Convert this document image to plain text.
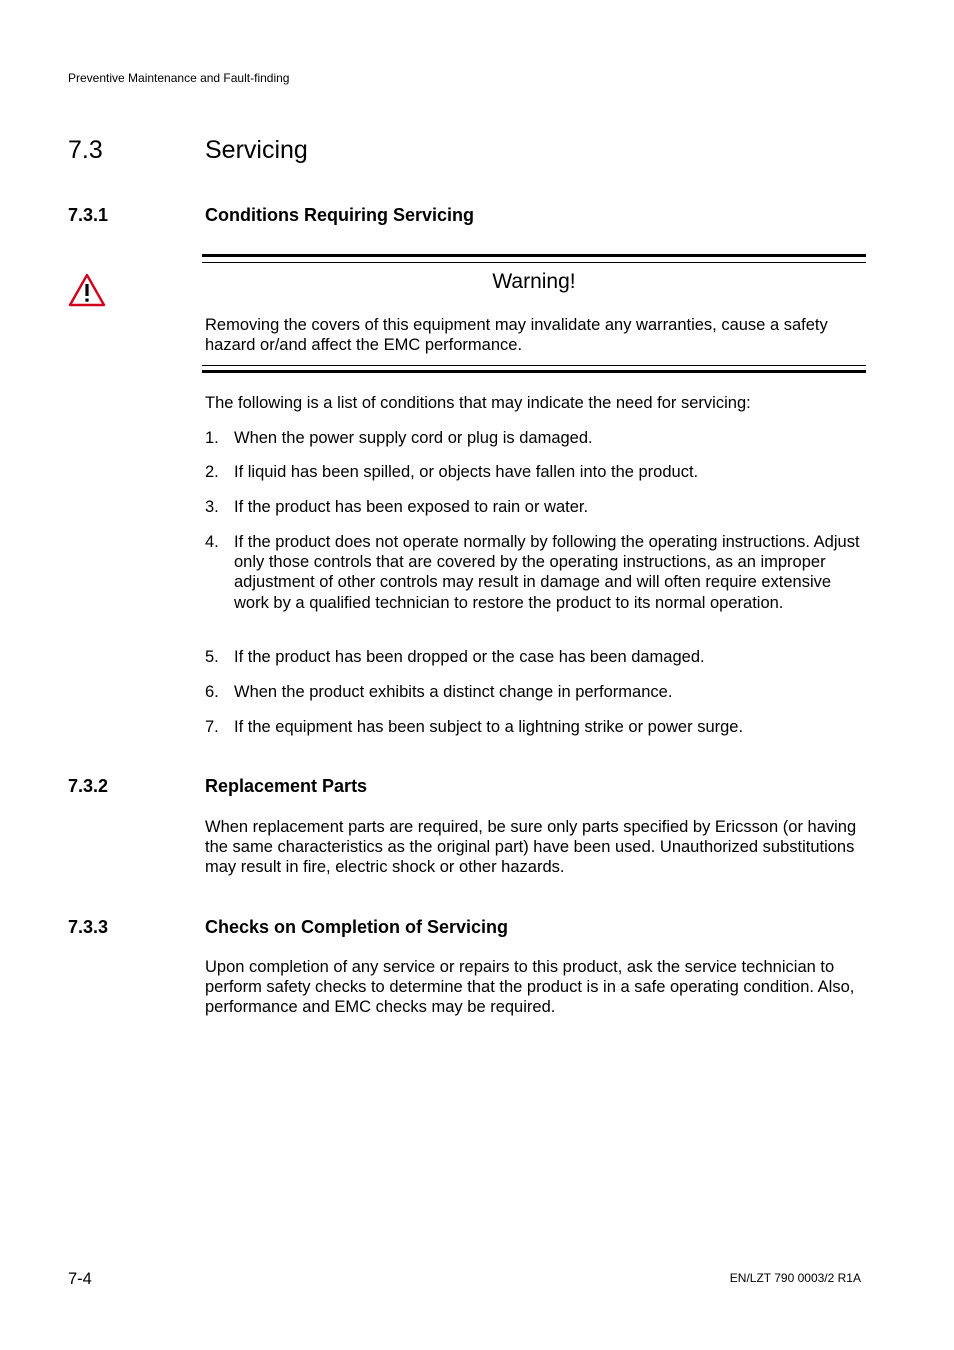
Preventive Maintenance and Fault-finding
7.3	Servicing
7.3.1	Conditions Requiring Servicing
Warning!
Removing the covers of this equipment may invalidate any warranties, cause a safety hazard or/and affect the EMC performance.
The following is a list of conditions that may indicate the need for servicing:
1. When the power supply cord or plug is damaged.
2. If liquid has been spilled, or objects have fallen into the product.
3. If the product has been exposed to rain or water.
4. If the product does not operate normally by following the operating instructions. Adjust only those controls that are covered by the operating instructions, as an improper adjustment of other controls may result in damage and will often require extensive work by a qualified technician to restore the product to its normal operation.
5. If the product has been dropped or the case has been damaged.
6. When the product exhibits a distinct change in performance.
7. If the equipment has been subject to a lightning strike or power surge.
7.3.2	Replacement Parts
When replacement parts are required, be sure only parts specified by Ericsson (or having the same characteristics as the original part) have been used. Unauthorized substitutions may result in fire, electric shock or other hazards.
7.3.3	Checks on Completion of Servicing
Upon completion of any service or repairs to this product, ask the service technician to perform safety checks to determine that the product is in a safe operating condition. Also, performance and EMC checks may be required.
7-4	EN/LZT 790 0003/2 R1A
